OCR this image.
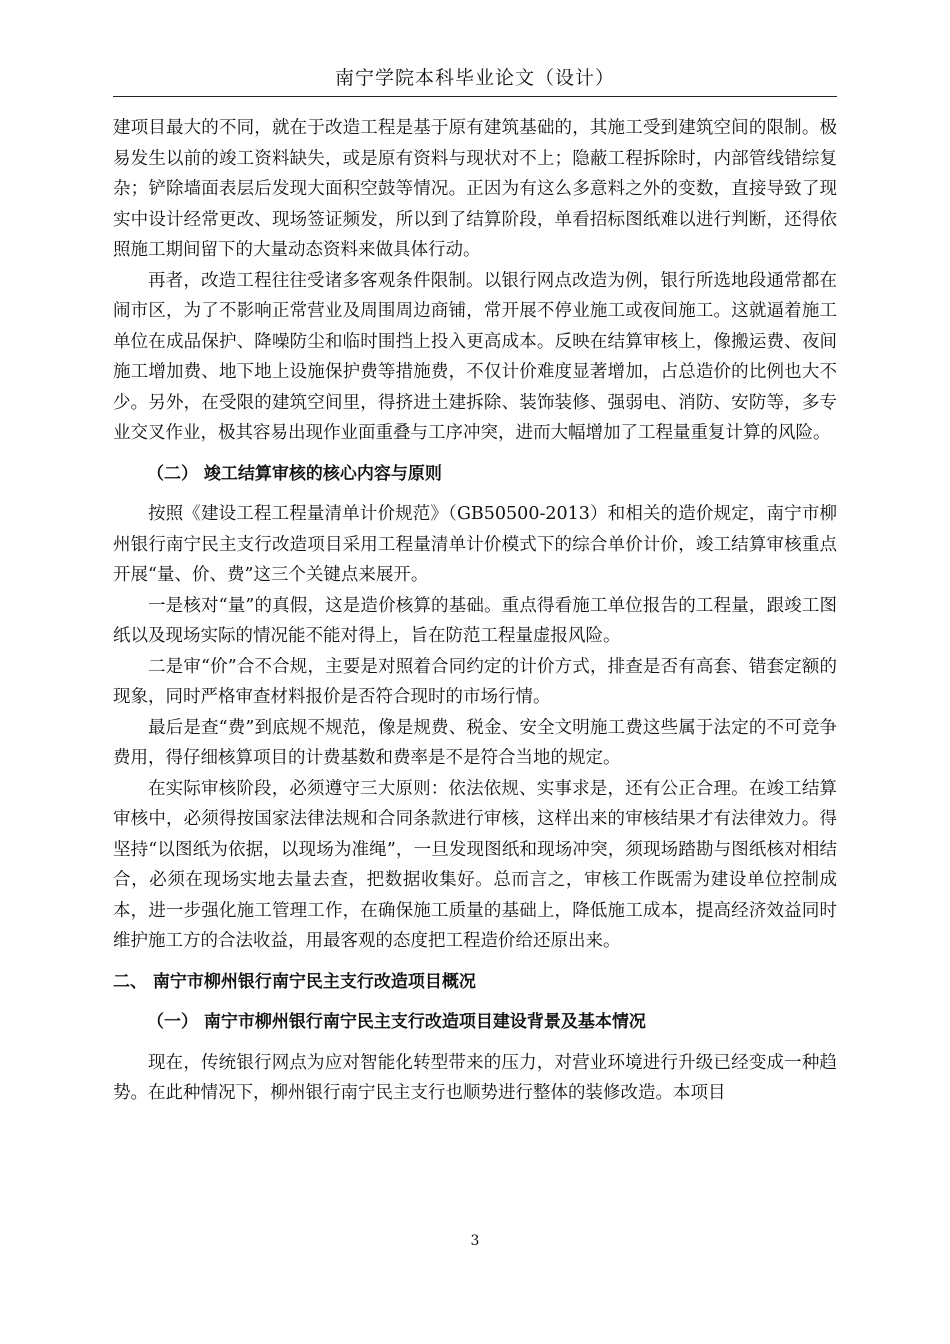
南宁学院本科毕业论文（设计）

建项目最大的不同，就在于改造工程是基于原有建筑基础的，其施工受到建筑空间的限制。极易发生以前的竣工资料缺失，或是原有资料与现状对不上；隐蔽工程拆除时，内部管线错综复杂；铲除墙面表层后发现大面积空鼓等情况。正因为有这么多意料之外的变数，直接导致了现实中设计经常更改、现场签证频发，所以到了结算阶段，单看招标图纸难以进行判断，还得依照施工期间留下的大量动态资料来做具体行动。

再者，改造工程往往受诸多客观条件限制。以银行网点改造为例，银行所选地段通常都在闹市区，为了不影响正常营业及周围周边商铺，常开展不停业施工或夜间施工。这就逼着施工单位在成品保护、降噪防尘和临时围挡上投入更高成本。反映在结算审核上，像搬运费、夜间施工增加费、地下地上设施保护费等措施费，不仅计价难度显著增加，占总造价的比例也大不少。另外，在受限的建筑空间里，得挤进土建拆除、装饰装修、强弱电、消防、安防等，多专业交叉作业，极其容易出现作业面重叠与工序冲突，进而大幅增加了工程量重复计算的风险。

（二） 竣工结算审核的核心内容与原则

按照《建设工程工程量清单计价规范》（GB50500-2013）和相关的造价规定，南宁市柳州银行南宁民主支行改造项目采用工程量清单计价模式下的综合单价计价，竣工结算审核重点开展“量、价、费”这三个关键点来展开。

一是核对“量”的真假，这是造价核算的基础。重点得看施工单位报告的工程量，跟竣工图纸以及现场实际的情况能不能对得上，旨在防范工程量虚报风险。

二是审“价”合不合规，主要是对照着合同约定的计价方式，排查是否有高套、错套定额的现象，同时严格审查材料报价是否符合现时的市场行情。

最后是查“费”到底规不规范，像是规费、税金、安全文明施工费这些属于法定的不可竞争费用，得仔细核算项目的计费基数和费率是不是符合当地的规定。

在实际审核阶段，必须遵守三大原则：依法依规、实事求是，还有公正合理。在竣工结算审核中，必须得按国家法律法规和合同条款进行审核，这样出来的审核结果才有法律效力。得坚持“以图纸为依据，以现场为准绳”，一旦发现图纸和现场冲突，须现场踏勘与图纸核对相结合，必须在现场实地去量去查，把数据收集好。总而言之，审核工作既需为建设单位控制成本，进一步强化施工管理工作，在确保施工质量的基础上，降低施工成本，提高经济效益同时维护施工方的合法收益，用最客观的态度把工程造价给还原出来。

二、 南宁市柳州银行南宁民主支行改造项目概况
（一） 南宁市柳州银行南宁民主支行改造项目建设背景及基本情况

现在，传统银行网点为应对智能化转型带来的压力，对营业环境进行升级已经变成一种趋势。在此种情况下，柳州银行南宁民主支行也顺势进行整体的装修改造。本项目

3
